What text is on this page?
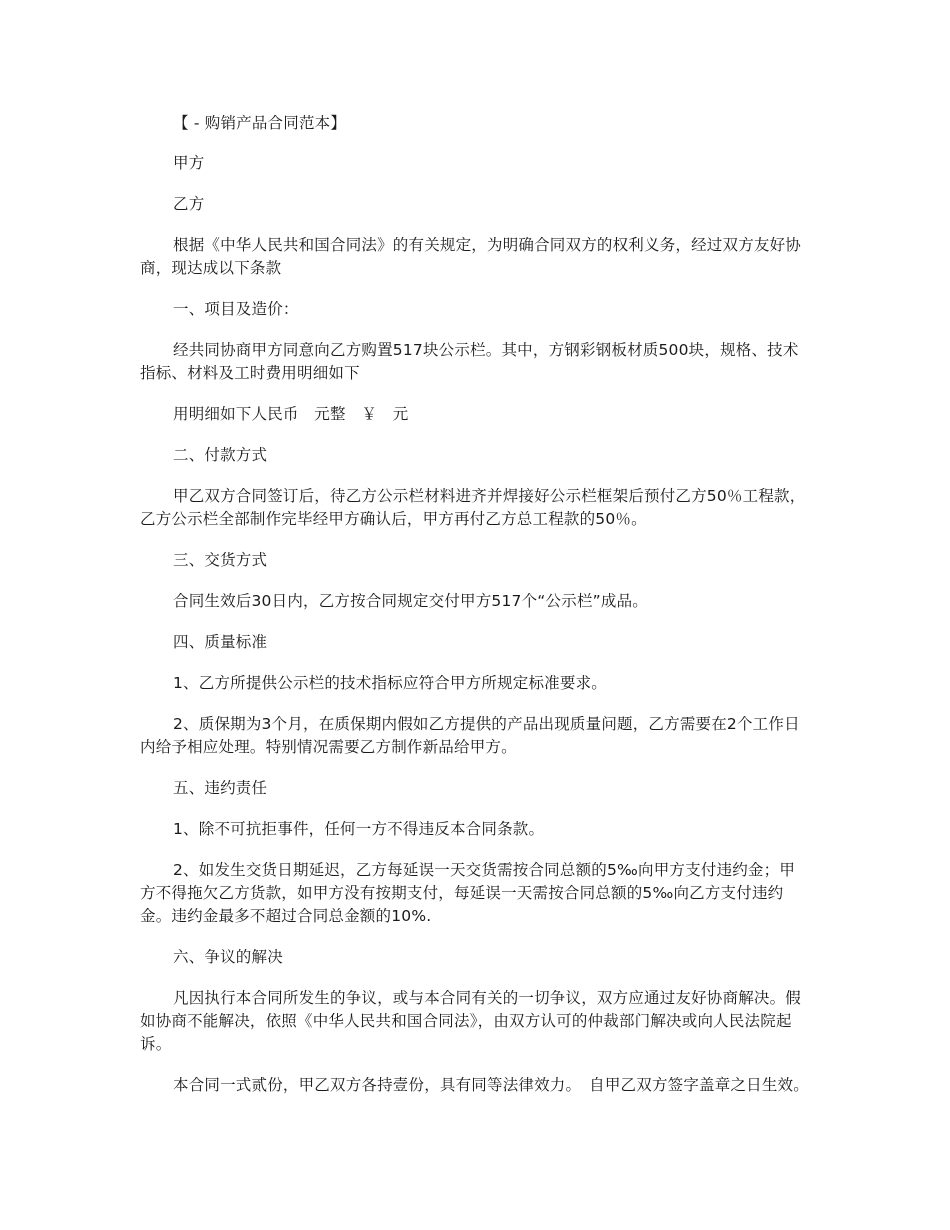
【 - 购销产品合同范本】

甲方

乙方

根据《中华人民共和国合同法》的有关规定，为明确合同双方的权利义务，经过双方友好协商，现达成以下条款

一、项目及造价：

经共同协商甲方同意向乙方购置517块公示栏。其中，方钢彩钢板材质500块，规格、技术指标、材料及工时费用明细如下

用明细如下人民币　元整　￥　元

二、付款方式

甲乙双方合同签订后，待乙方公示栏材料进齐并焊接好公示栏框架后预付乙方50％工程款，乙方公示栏全部制作完毕经甲方确认后，甲方再付乙方总工程款的50％。

三、交货方式

合同生效后30日内，乙方按合同规定交付甲方517个“公示栏”成品。

四、质量标准

1、乙方所提供公示栏的技术指标应符合甲方所规定标准要求。

2、质保期为3个月，在质保期内假如乙方提供的产品出现质量问题，乙方需要在2个工作日内给予相应处理。特别情况需要乙方制作新品给甲方。

五、违约责任

1、除不可抗拒事件，任何一方不得违反本合同条款。

2、如发生交货日期延迟，乙方每延误一天交货需按合同总额的5‰向甲方支付违约金；甲方不得拖欠乙方货款，如甲方没有按期支付，每延误一天需按合同总额的5‰向乙方支付违约金。违约金最多不超过合同总金额的10%.

六、争议的解决

凡因执行本合同所发生的争议，或与本合同有关的一切争议，双方应通过友好协商解决。假如协商不能解决，依照《中华人民共和国合同法》，由双方认可的仲裁部门解决或向人民法院起诉。

本合同一式贰份，甲乙双方各持壹份，具有同等法律效力。　自甲乙双方签字盖章之日生效。
